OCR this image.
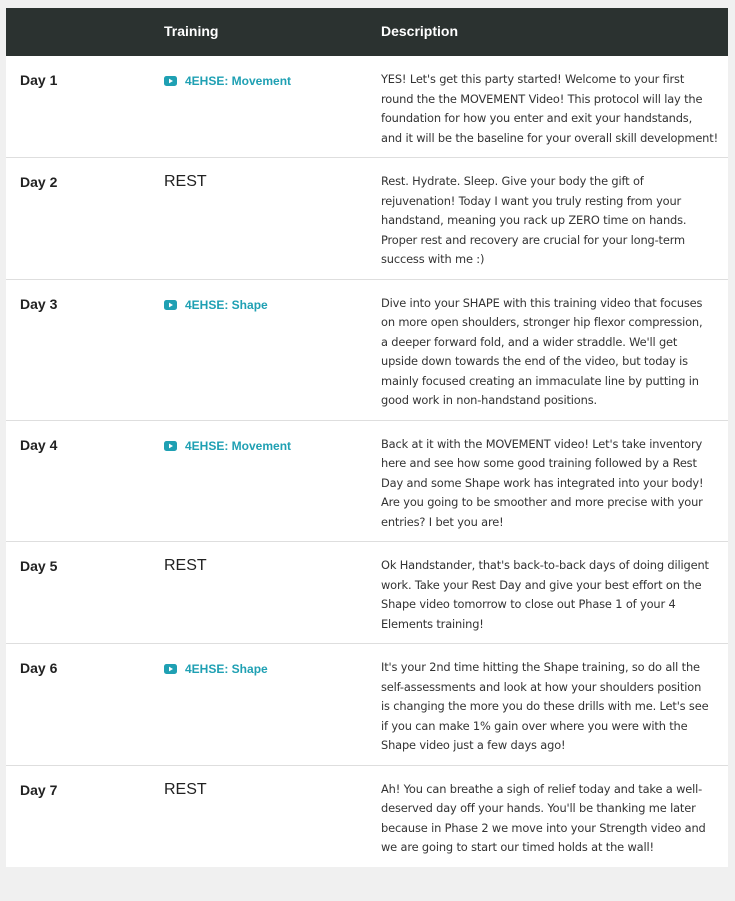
Training	Description
Day 1	4EHSE: Movement	YES! Let's get this party started! Welcome to your first
round the the MOVEMENT Video! This protocol will lay the
foundation for how you enter and exit your handstands,
and it will be the baseline for your overall skill development!
Day 2	REST	Rest. Hydrate. Sleep. Give your body the gift of
rejuvenation! Today I want you truly resting from your
handstand, meaning you rack up ZERO time on hands.
Proper rest and recovery are crucial for your long-term
success with me :)
Day 3	4EHSE: Shape	Dive into your SHAPE with this training video that focuses
on more open shoulders, stronger hip flexor compression,
a deeper forward fold, and a wider straddle. We'll get
upside down towards the end of the video, but today is
mainly focused creating an immaculate line by putting in
good work in non-handstand positions.
Day 4	4EHSE: Movement	Back at it with the MOVEMENT video! Let's take inventory
here and see how some good training followed by a Rest
Day and some Shape work has integrated into your body!
Are you going to be smoother and more precise with your
entries? I bet you are!
Day 5	REST	Ok Handstander, that's back-to-back days of doing diligent
work. Take your Rest Day and give your best effort on the
Shape video tomorrow to close out Phase 1 of your 4
Elements training!
Day 6	4EHSE: Shape	It's your 2nd time hitting the Shape training, so do all the
self-assessments and look at how your shoulders position
is changing the more you do these drills with me. Let's see
if you can make 1% gain over where you were with the
Shape video just a few days ago!
Day 7	REST	Ah! You can breathe a sigh of relief today and take a well-
deserved day off your hands. You'll be thanking me later
because in Phase 2 we move into your Strength video and
we are going to start our timed holds at the wall!
